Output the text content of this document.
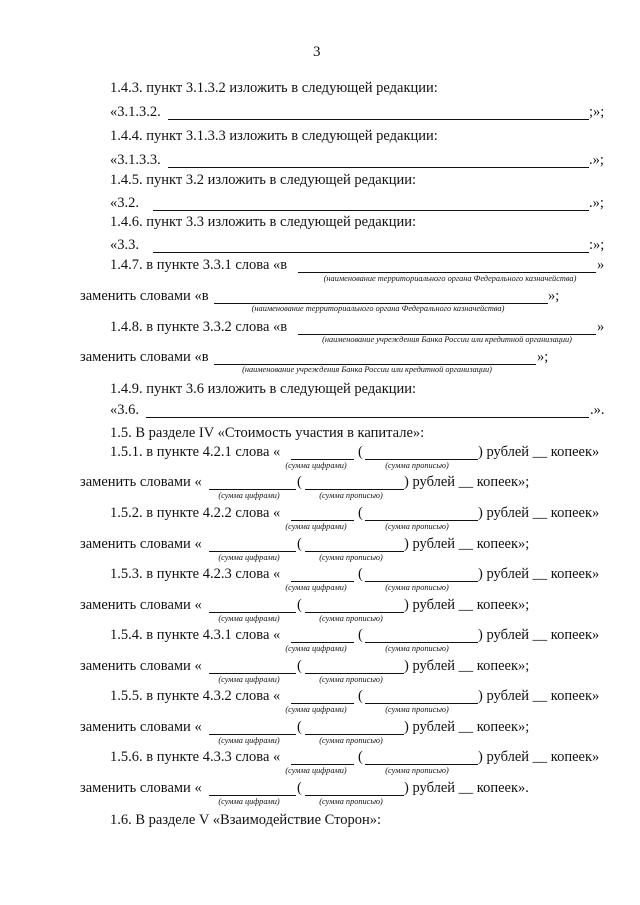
3
1.4.3. пункт 3.1.3.2 изложить в следующей редакции:
«3.1.3.2.	;»;
1.4.4. пункт 3.1.3.3 изложить в следующей редакции:
«3.1.3.3.	.»;
1.4.5. пункт 3.2 изложить в следующей редакции:
«3.2.	.»;
1.4.6. пункт 3.3 изложить в следующей редакции:
«3.3.	:»;
1.4.7. в пункте 3.3.1 слова «в	»
(наименование территориального органа Федерального казначейства)
заменить словами «в	»;
(наименование территориального органа Федерального казначейства)
1.4.8. в пункте 3.3.2 слова «в	»
(наименование учреждения Банка России или кредитной организации)
заменить словами «в	»;
(наименование учреждения Банка России или кредитной организации)
1.4.9. пункт 3.6 изложить в следующей редакции:
«3.6.	.».
1.5. В разделе IV «Стоимость участия в капитале»:
1.5.1. в пункте 4.2.1 слова «	(	) рублей __ копеек»
(сумма цифрами)	(сумма прописью)
заменить словами «	(	) рублей __ копеек»;
(сумма цифрами)	(сумма прописью)
1.5.2. в пункте 4.2.2 слова «	(	) рублей __ копеек»
(сумма цифрами)	(сумма прописью)
заменить словами «	(	) рублей __ копеек»;
(сумма цифрами)	(сумма прописью)
1.5.3. в пункте 4.2.3 слова «	(	) рублей __ копеек»
(сумма цифрами)	(сумма прописью)
заменить словами «	(	) рублей __ копеек»;
(сумма цифрами)	(сумма прописью)
1.5.4. в пункте 4.3.1 слова «	(	) рублей __ копеек»
(сумма цифрами)	(сумма прописью)
заменить словами «	(	) рублей __ копеек»;
(сумма цифрами)	(сумма прописью)
1.5.5. в пункте 4.3.2 слова «	(	) рублей __ копеек»
(сумма цифрами)	(сумма прописью)
заменить словами «	(	) рублей __ копеек»;
(сумма цифрами)	(сумма прописью)
1.5.6. в пункте 4.3.3 слова «	(	) рублей __ копеек»
(сумма цифрами)	(сумма прописью)
заменить словами «	(	) рублей __ копеек».
(сумма цифрами)	(сумма прописью)
1.6. В разделе V «Взаимодействие Сторон»:
